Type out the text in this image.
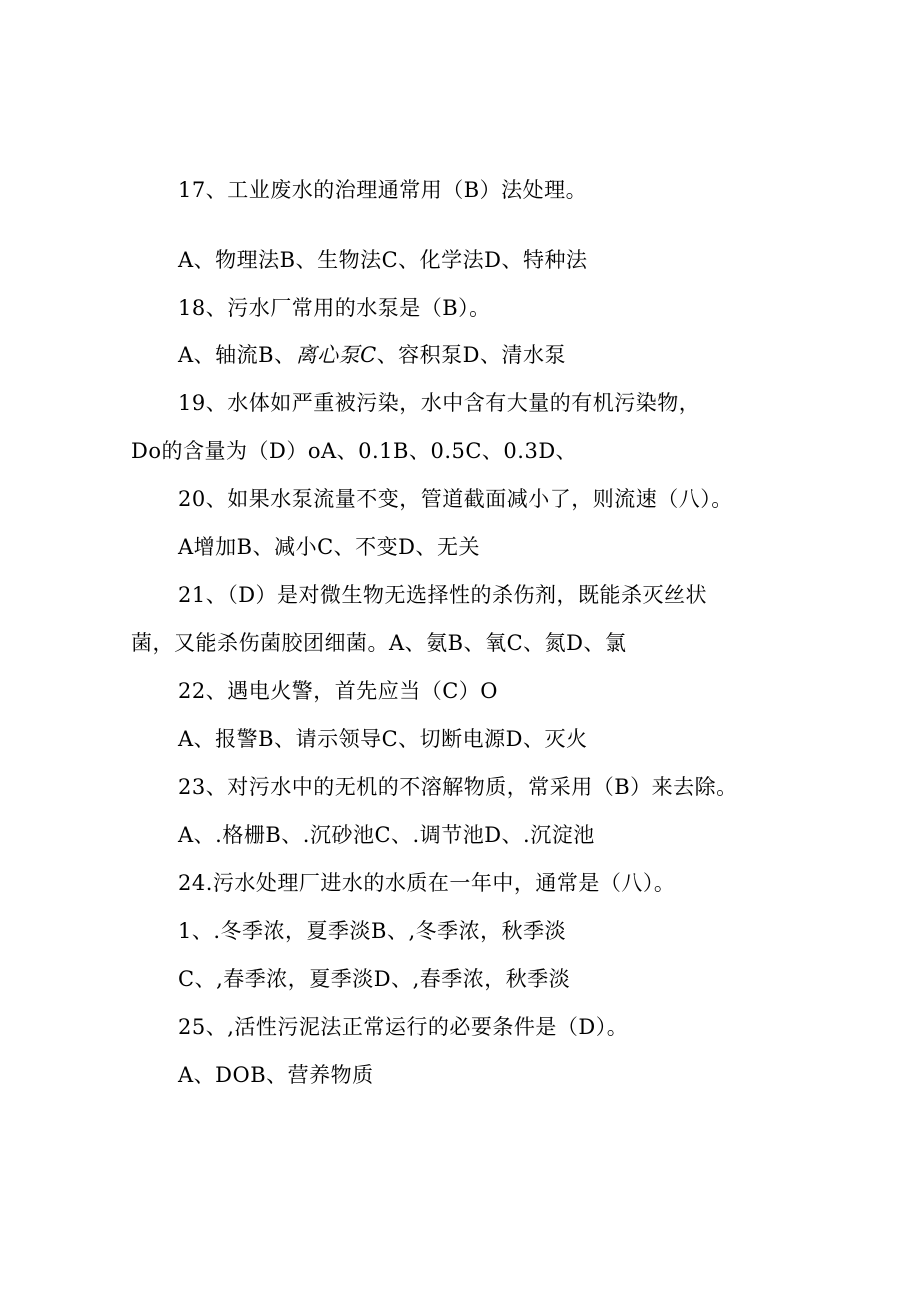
17、工业废水的治理通常用（B）法处理。
A、物理法B、生物法C、化学法D、特种法
18、污水厂常用的水泵是（B）。
A、轴流B、离心泵C、容积泵D、清水泵
19、水体如严重被污染，水中含有大量的有机污染物，
Do的含量为（D）oA、0.1B、0.5C、0.3D、
20、如果水泵流量不变，管道截面减小了，则流速（八）。
A增加B、减小C、不变D、无关
21、（D）是对微生物无选择性的杀伤剂，既能杀灭丝状
菌，又能杀伤菌胶团细菌。A、氨B、氧C、氮D、氯
22、遇电火警，首先应当（C）O
A、报警B、请示领导C、切断电源D、灭火
23、对污水中的无机的不溶解物质，常采用（B）来去除。
A、.格栅B、.沉砂池C、.调节池D、.沉淀池
24.污水处理厂进水的水质在一年中，通常是（八）。
1、.冬季浓，夏季淡B、,冬季浓，秋季淡
C、,春季浓，夏季淡D、,春季浓，秋季淡
25、,活性污泥法正常运行的必要条件是（D）。
A、DOB、营养物质
